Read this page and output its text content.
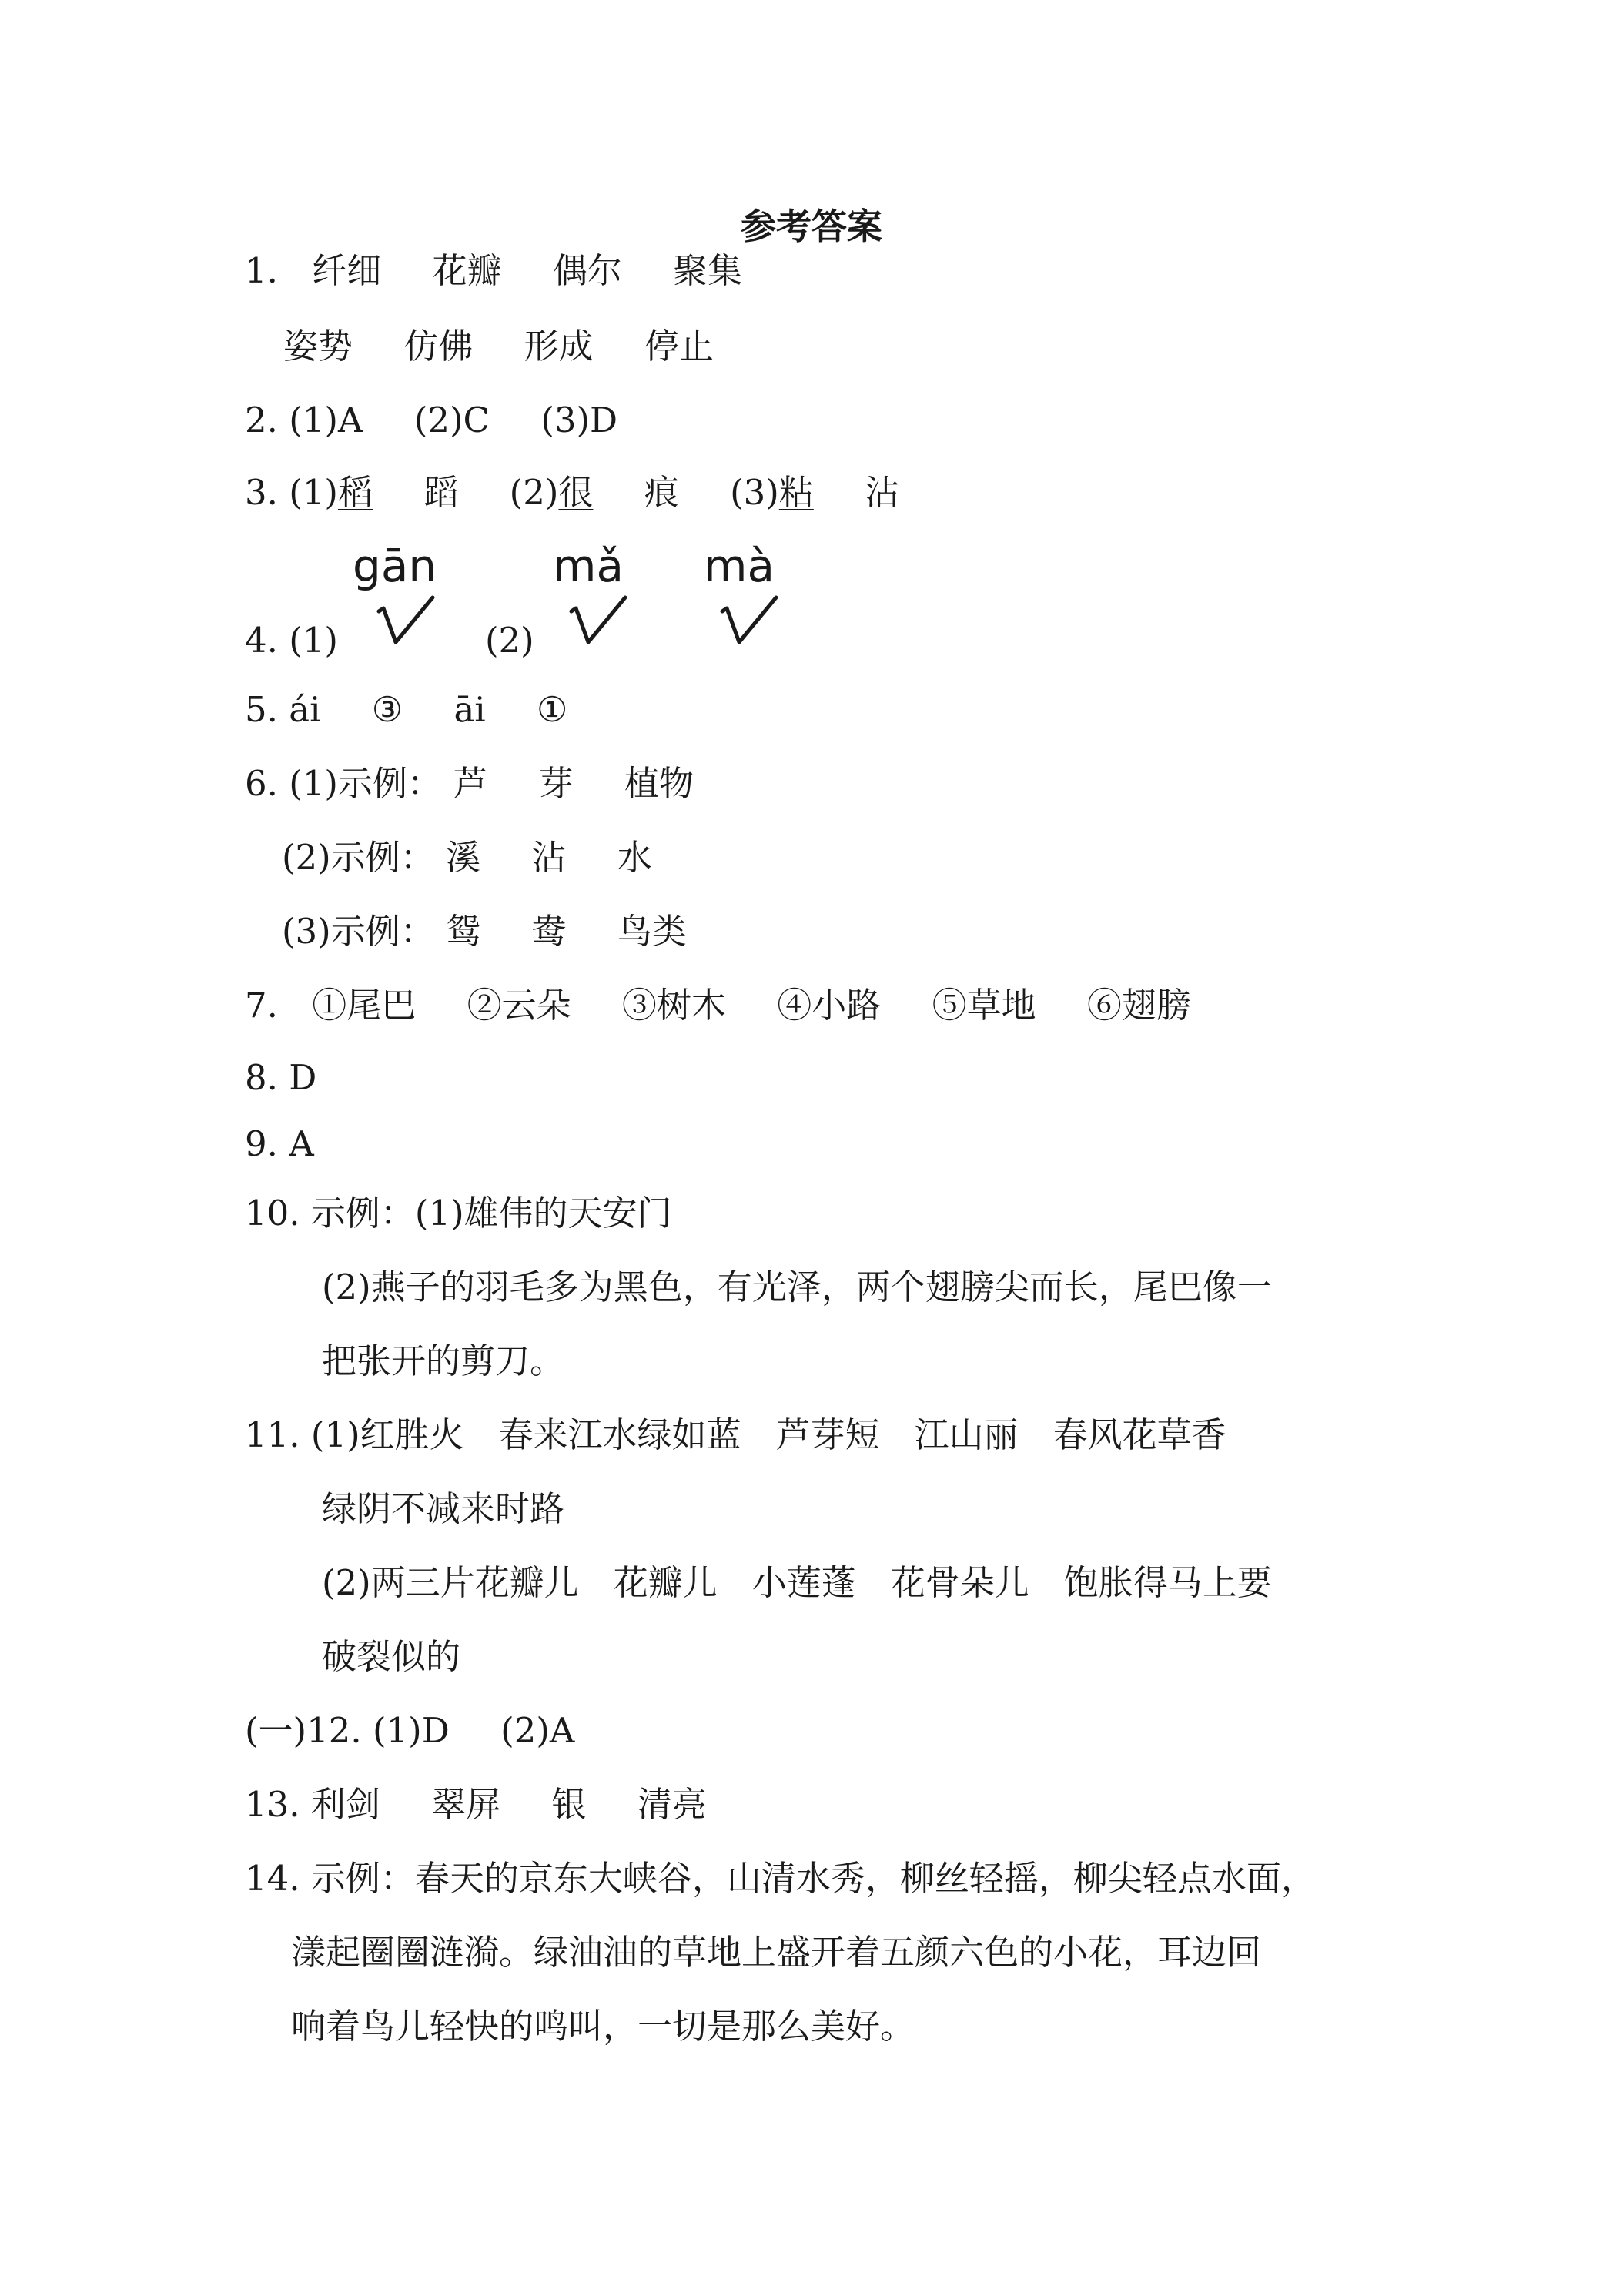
参考答案
1. 纤细 花瓣 偶尔 聚集
姿势 仿佛 形成 停止
2. (1)A (2)C (3)D
3. (1)稻 蹈 (2)很 痕 (3)粘 沾
gān	mǎ mà
4. (1)	(2)
5. ái ③ āi ①
6. (1)示例： 芦 芽 植物
(2)示例： 溪 沾 水
(3)示例： 鸳 鸯 鸟类
7. ①尾巴 ②云朵 ③树木 ④小路 ⑤草地 ⑥翅膀
8. D
9. A
10. 示例：(1)雄伟的天安门
(2)燕子的羽毛多为黑色，有光泽，两个翅膀尖而长，尾巴像一
把张开的剪刀。
11. (1)红胜火　春来江水绿如蓝　芦芽短　江山丽　春风花草香
绿阴不减来时路
(2)两三片花瓣儿　花瓣儿　小莲蓬　花骨朵儿　饱胀得马上要
破裂似的
(一)12. (1)D (2)A
13. 利剑 翠屏 银 清亮
14. 示例：春天的京东大峡谷，山清水秀，柳丝轻摇，柳尖轻点水面，
漾起圈圈涟漪。绿油油的草地上盛开着五颜六色的小花，耳边回
响着鸟儿轻快的鸣叫，一切是那么美好。
